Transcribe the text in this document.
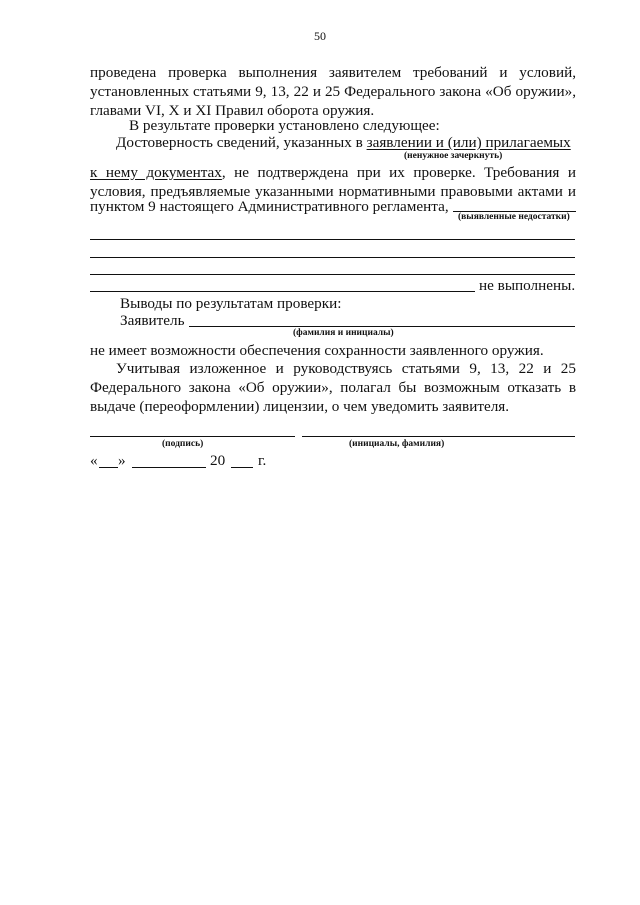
50
проведена проверка выполнения заявителем требований и условий,
установленных статьями 9, 13, 22 и 25 Федерального закона «Об оружии»,
главами VI, X и XI Правил оборота оружия.
В результате проверки установлено следующее:
Достоверность сведений, указанных в заявлении и (или) прилагаемых
(ненужное зачеркнуть)
к нему документах, не подтверждена при их проверке. Требования и
условия, предъявляемые указанными нормативными правовыми актами и
пунктом 9 настоящего Административного регламента,
(выявленные недостатки)
не выполнены.
Выводы по результатам проверки:
Заявитель
(фамилия и инициалы)
не имеет возможности обеспечения сохранности заявленного оружия.
Учитывая изложенное и руководствуясь статьями 9, 13, 22 и 25
Федерального закона «Об оружии», полагал бы возможным отказать в
выдаче (переоформлении) лицензии, о чем уведомить заявителя.
(подпись)	(инициалы, фамилия)
« »	20 г.
